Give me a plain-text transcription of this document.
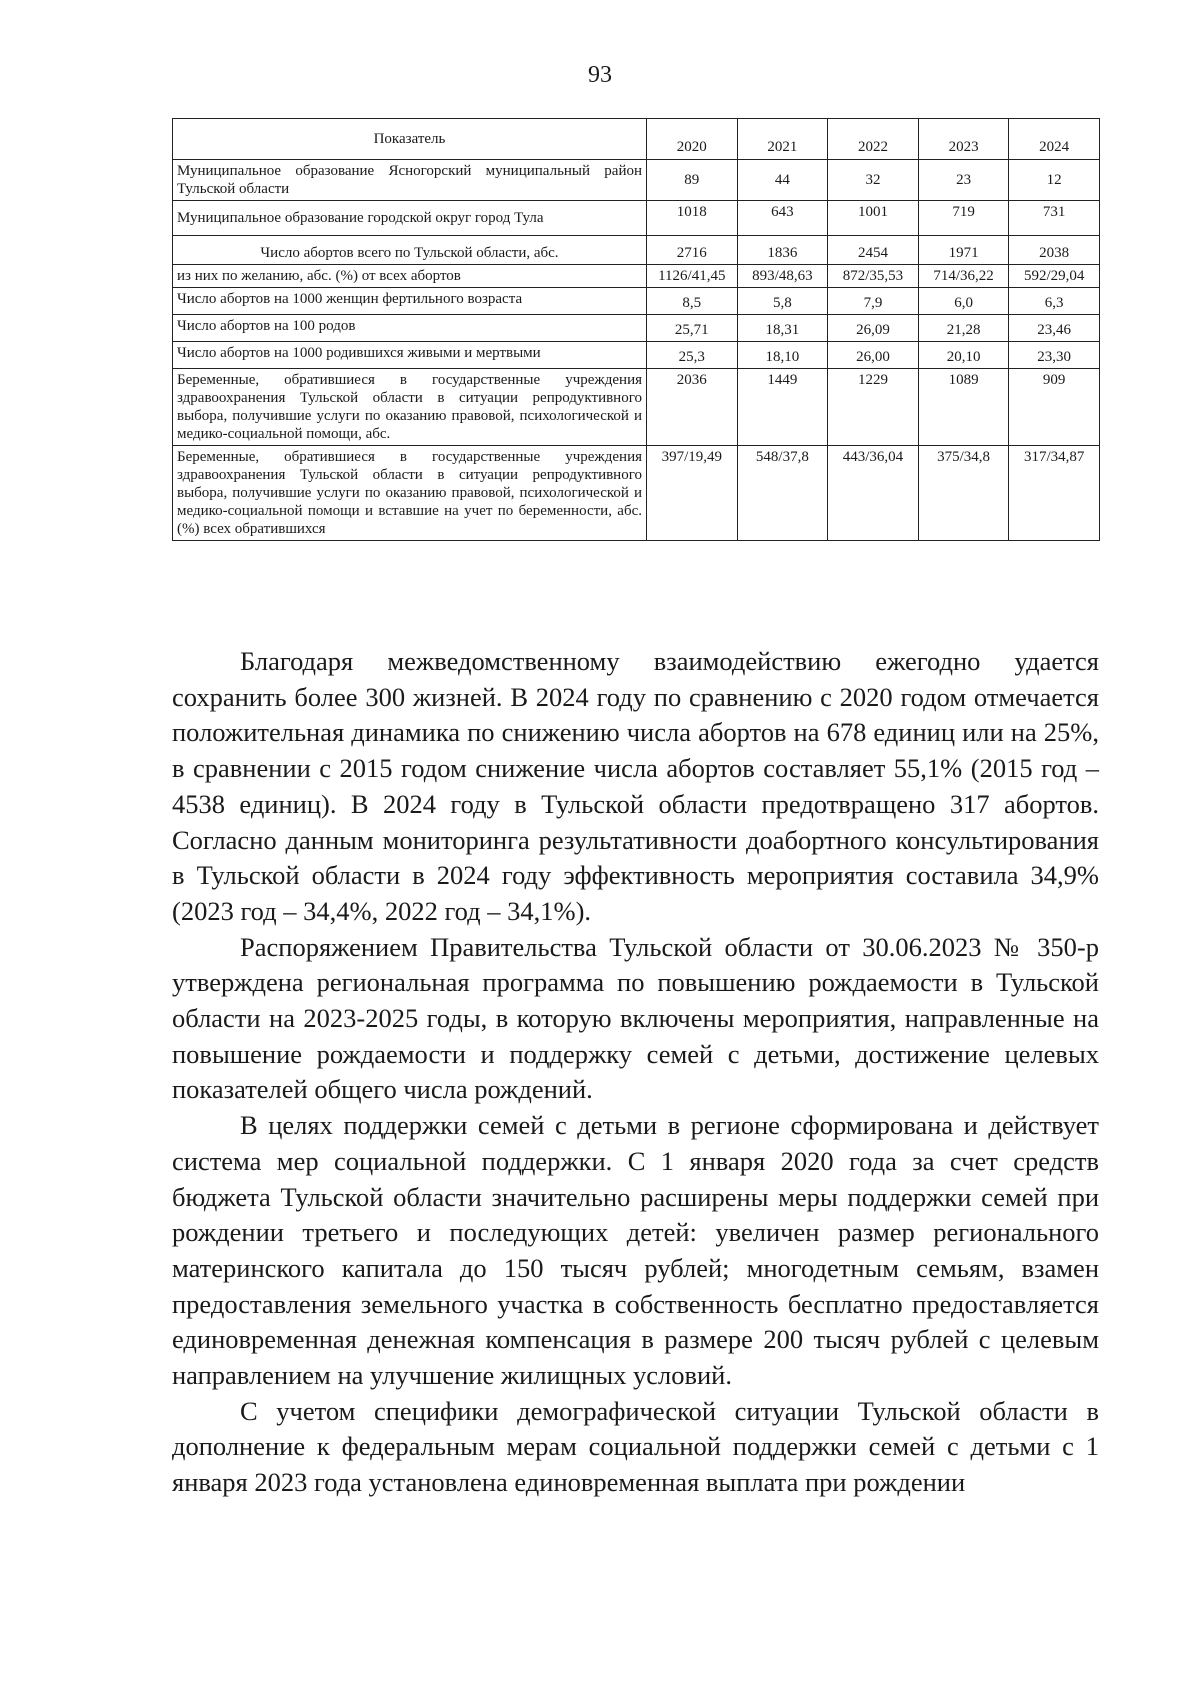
93
Показатель	2020	2021	2022	2023	2024
Муниципальное образование Ясногорский муниципальный район Тульской области	89	44	32	23	12
Муниципальное образование городской округ город Тула	1018	643	1001	719	731
Число абортов всего по Тульской области, абс.	2716	1836	2454	1971	2038
из них по желанию, абс. (%) от всех абортов	1126/41,45	893/48,63	872/35,53	714/36,22	592/29,04
Число абортов на 1000 женщин фертильного возраста	8,5	5,8	7,9	6,0	6,3
Число абортов на 100 родов	25,71	18,31	26,09	21,28	23,46
Число абортов на 1000 родившихся живыми и мертвыми	25,3	18,10	26,00	20,10	23,30
Беременные, обратившиеся в государственные учреждения здравоохранения Тульской области в ситуации репродуктивного выбора, получившие услуги по оказанию правовой, психологической и медико-социальной помощи, абс.	2036	1449	1229	1089	909
Беременные, обратившиеся в государственные учреждения здравоохранения Тульской области в ситуации репродуктивного выбора, получившие услуги по оказанию правовой, психологической и медико-социальной помощи и вставшие на учет по беременности, абс. (%) всех обратившихся	397/19,49	548/37,8	443/36,04	375/34,8	317/34,87

Благодаря межведомственному взаимодействию ежегодно удается сохранить более 300 жизней. В 2024 году по сравнению с 2020 годом отмечается положительная динамика по снижению числа абортов на 678 единиц или на 25%, в сравнении с 2015 годом снижение числа абортов составляет 55,1% (2015 год – 4538 единиц). В 2024 году в Тульской области предотвращено 317 абортов. Согласно данным мониторинга результативности доабортного консультирования в Тульской области в 2024 году эффективность мероприятия составила 34,9% (2023 год – 34,4%, 2022 год – 34,1%).

Распоряжением Правительства Тульской области от 30.06.2023 № 350-р утверждена региональная программа по повышению рождаемости в Тульской области на 2023-2025 годы, в которую включены мероприятия, направленные на повышение рождаемости и поддержку семей с детьми, достижение целевых показателей общего числа рождений.

В целях поддержки семей с детьми в регионе сформирована и действует система мер социальной поддержки. С 1 января 2020 года за счет средств бюджета Тульской области значительно расширены меры поддержки семей при рождении третьего и последующих детей: увеличен размер регионального материнского капитала до 150 тысяч рублей; многодетным семьям, взамен предоставления земельного участка в собственность бесплатно предоставляется единовременная денежная компенсация в размере 200 тысяч рублей с целевым направлением на улучшение жилищных условий.

С учетом специфики демографической ситуации Тульской области в дополнение к федеральным мерам социальной поддержки семей с детьми с 1 января 2023 года установлена единовременная выплата при рождении
